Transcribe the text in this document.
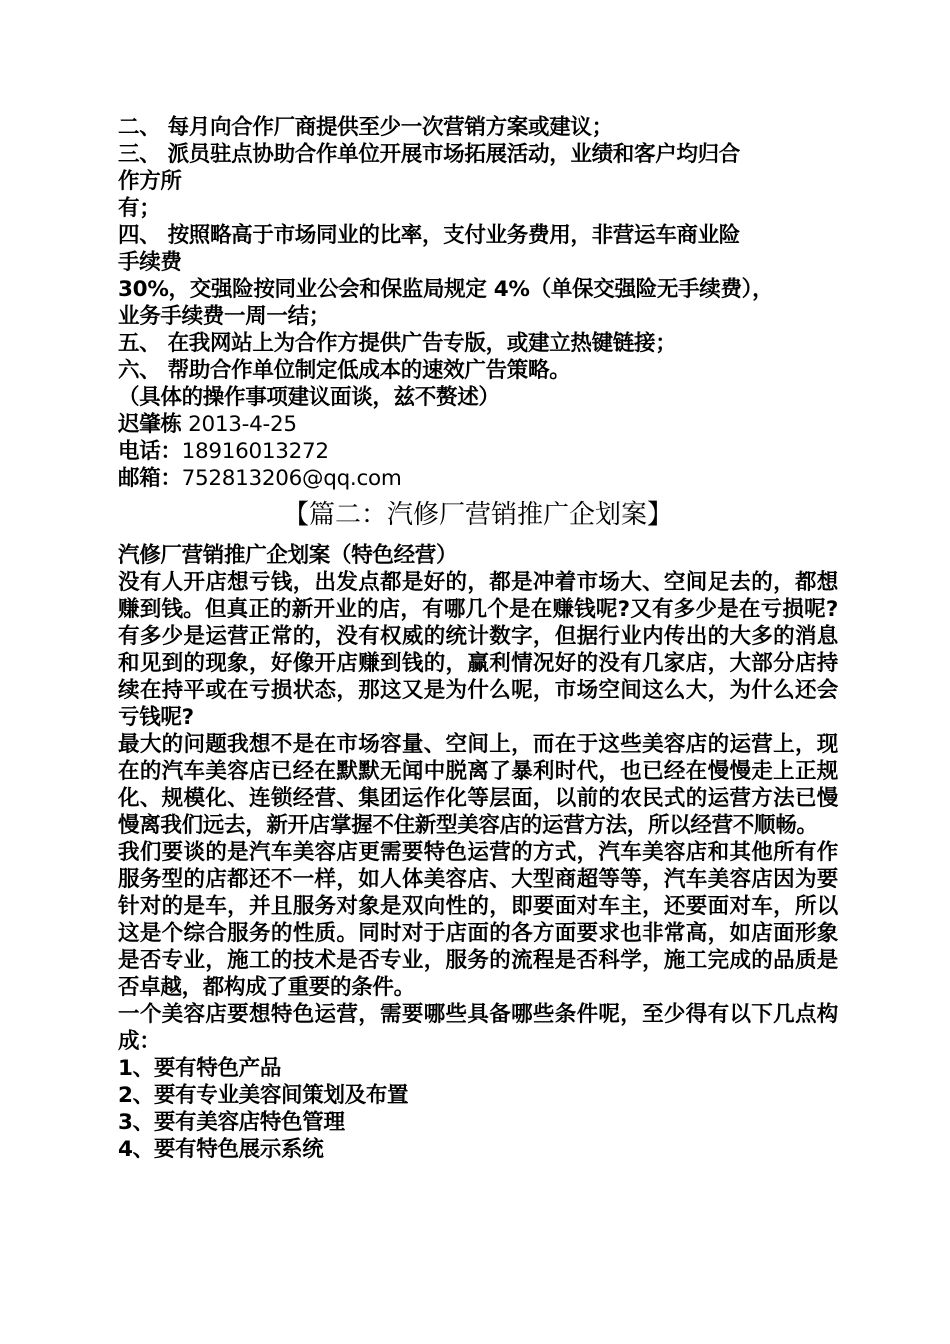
二、 每月向合作厂商提供至少一次营销方案或建议；
三、 派员驻点协助合作单位开展市场拓展活动，业绩和客户均归合
作方所
有；
四、 按照略高于市场同业的比率，支付业务费用，非营运车商业险
手续费
30%，交强险按同业公会和保监局规定 4%（单保交强险无手续费），
业务手续费一周一结；
五、 在我网站上为合作方提供广告专版，或建立热键链接；
六、 帮助合作单位制定低成本的速效广告策略。
（具体的操作事项建议面谈，兹不赘述）
迟肇栋 2013-4-25
电话：18916013272
邮箱：752813206@qq.com
【篇二：汽修厂营销推广企划案】
汽修厂营销推广企划案（特色经营）
没有人开店想亏钱，出发点都是好的，都是冲着市场大、空间足去的，都想赚到钱。但真正的新开业的店，有哪几个是在赚钱呢?又有多少是在亏损呢?有多少是运营正常的，没有权威的统计数字，但据行业内传出的大多的消息和见到的现象，好像开店赚到钱的，赢利情况好的没有几家店，大部分店持续在持平或在亏损状态，那这又是为什么呢，市场空间这么大，为什么还会亏钱呢?
最大的问题我想不是在市场容量、空间上，而在于这些美容店的运营上，现在的汽车美容店已经在默默无闻中脱离了暴利时代，也已经在慢慢走上正规化、规模化、连锁经营、集团运作化等层面，以前的农民式的运营方法已慢慢离我们远去，新开店掌握不住新型美容店的运营方法，所以经营不顺畅。
我们要谈的是汽车美容店更需要特色运营的方式，汽车美容店和其他所有作服务型的店都还不一样，如人体美容店、大型商超等等，汽车美容店因为要针对的是车，并且服务对象是双向性的，即要面对车主，还要面对车，所以这是个综合服务的性质。同时对于店面的各方面要求也非常高，如店面形象是否专业，施工的技术是否专业，服务的流程是否科学，施工完成的品质是否卓越，都构成了重要的条件。
一个美容店要想特色运营，需要哪些具备哪些条件呢，至少得有以下几点构成：
1、要有特色产品
2、要有专业美容间策划及布置
3、要有美容店特色管理
4、要有特色展示系统
